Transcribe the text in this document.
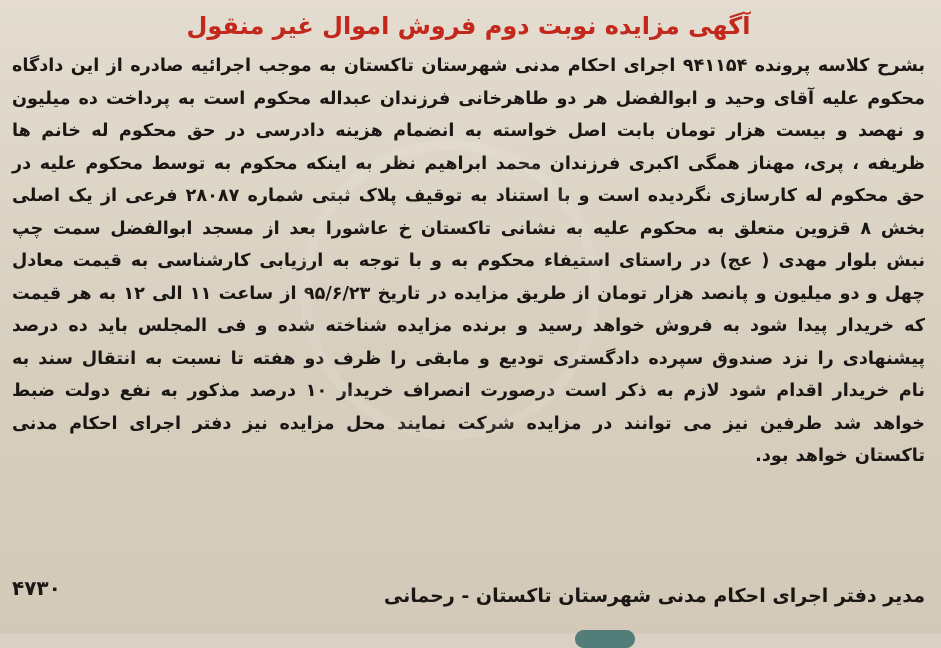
آگهی مزایده نوبت دوم فروش اموال غیر منقول

بشرح کلاسه پرونده ۹۴۱۱۵۴ اجرای احکام مدنی شهرستان تاکستان به موجب اجرائیه صادره از این دادگاه محکوم علیه آقای وحید و ابوالفضل هر دو طاهرخانی فرزندان عبداله محکوم است به پرداخت ده میلیون و نهصد و بیست هزار تومان بابت اصل خواسته به انضمام هزینه دادرسی در حق محکوم له خانم ها ظریفه ، پری، مهناز همگی اکبری فرزندان محمد ابراهیم نظر به اینکه محکوم به توسط محکوم علیه در حق محکوم له کارسازی نگردیده است و با استناد به توقیف پلاک ثبتی شماره ۲۸۰۸۷ فرعی از یک اصلی بخش ۸ قزوین متعلق به محکوم علیه به نشانی تاکستان خ عاشورا بعد از مسجد ابوالفضل سمت چپ نبش بلوار مهدی ( عج) در راستای استیفاء محکوم به و با توجه به ارزیابی کارشناسی به قیمت معادل چهل و دو میلیون و پانصد هزار تومان از طریق مزایده در تاریخ ۹۵/۶/۲۳ از ساعت ۱۱ الی ۱۲ به هر قیمت که خریدار پیدا شود به فروش خواهد رسید و برنده مزایده شناخته شده و فی المجلس باید ده درصد پیشنهادی را نزد صندوق سپرده دادگستری تودیع و مابقی را ظرف دو هفته تا نسبت به انتقال سند به نام خریدار اقدام شود لازم به ذکر است درصورت انصراف خریدار ۱۰ درصد مذکور به نفع دولت ضبط خواهد شد طرفین نیز می توانند در مزایده شرکت نمایند محل مزایده نیز دفتر اجرای احکام مدنی تاکستان خواهد بود.

مدیر دفتر اجرای احکام مدنی شهرستان تاکستان - رحمانی
۴۷۳۰
